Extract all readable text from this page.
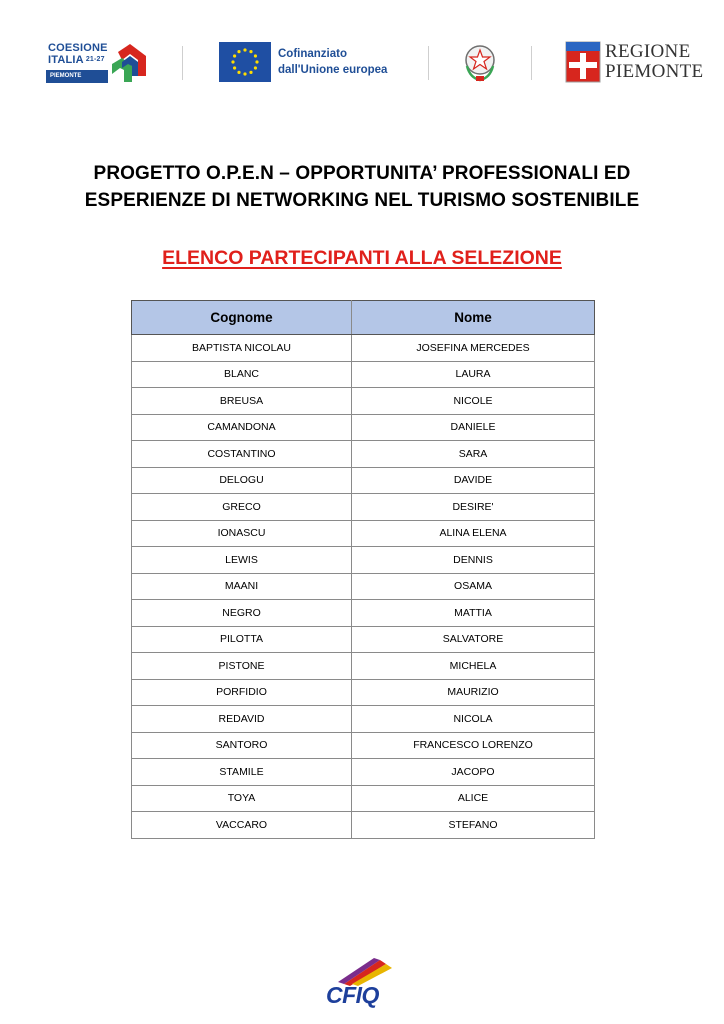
COESIONE
ITALIA $^{21-27}$
PIEMONTE
Cofinanziato
dall'Unione europea
REGIONE
PIEMONTE
PROGETTO O.P.E.N – OPPORTUNITA’ PROFESSIONALI ED
ESPERIENZE DI NETWORKING NEL TURISMO SOSTENIBILE
ELENCO PARTECIPANTI ALLA SELEZIONE
Cognome	Nome
BAPTISTA NICOLAU	JOSEFINA MERCEDES
BLANC	LAURA
BREUSA	NICOLE
CAMANDONA	DANIELE
COSTANTINO	SARA
DELOGU	DAVIDE
GRECO	DESIRE'
IONASCU	ALINA ELENA
LEWIS	DENNIS
MAANI	OSAMA
NEGRO	MATTIA
PILOTTA	SALVATORE
PISTONE	MICHELA
PORFIDIO	MAURIZIO
REDAVID	NICOLA
SANTORO	FRANCESCO LORENZO
STAMILE	JACOPO
TOYA	ALICE
VACCARO	STEFANO
CFIQ
